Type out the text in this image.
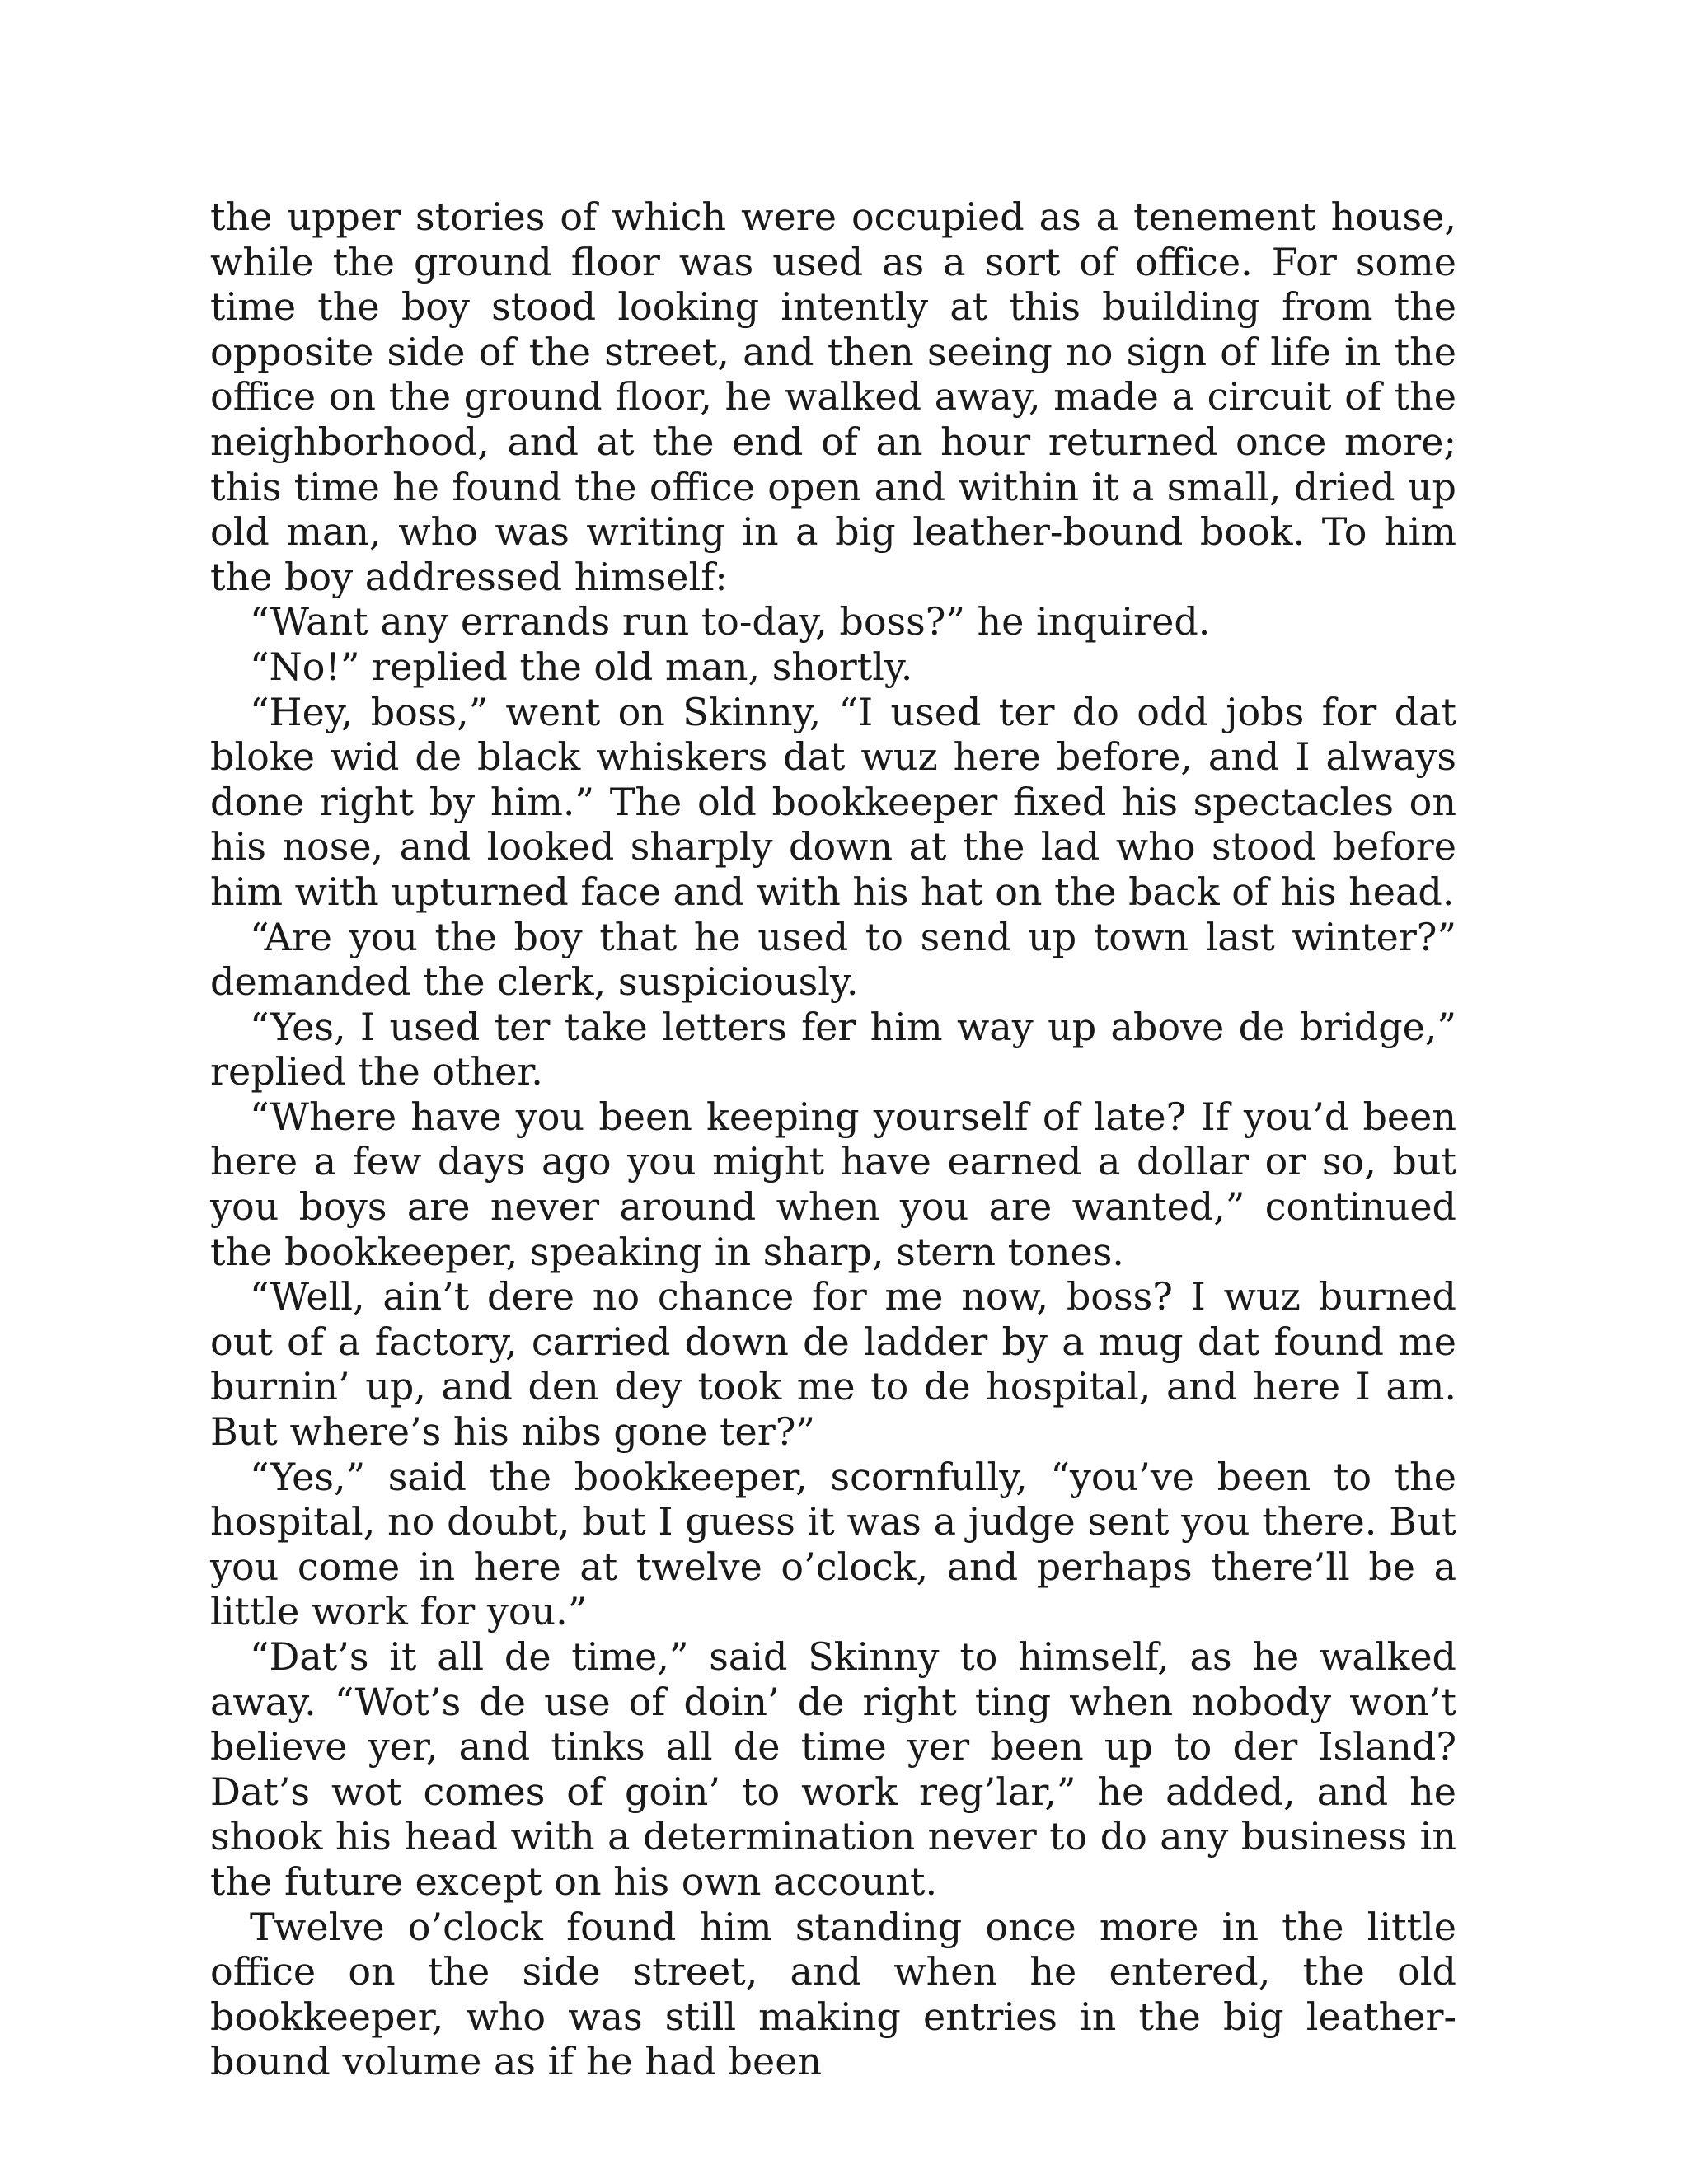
the upper stories of which were occupied as a tenement house, while the ground floor was used as a sort of office. For some time the boy stood looking intently at this building from the opposite side of the street, and then seeing no sign of life in the office on the ground floor, he walked away, made a circuit of the neighborhood, and at the end of an hour returned once more; this time he found the office open and within it a small, dried up old man, who was writing in a big leather-bound book. To him the boy addressed himself:

“Want any errands run to-day, boss?” he inquired.

“No!” replied the old man, shortly.

“Hey, boss,” went on Skinny, “I used ter do odd jobs for dat bloke wid de black whiskers dat wuz here before, and I always done right by him.” The old bookkeeper fixed his spectacles on his nose, and looked sharply down at the lad who stood before him with upturned face and with his hat on the back of his head.

“Are you the boy that he used to send up town last winter?” demanded the clerk, suspiciously.

“Yes, I used ter take letters fer him way up above de bridge,” replied the other.

“Where have you been keeping yourself of late? If you’d been here a few days ago you might have earned a dollar or so, but you boys are never around when you are wanted,” continued the bookkeeper, speaking in sharp, stern tones.

“Well, ain’t dere no chance for me now, boss? I wuz burned out of a factory, carried down de ladder by a mug dat found me burnin’ up, and den dey took me to de hospital, and here I am. But where’s his nibs gone ter?”

“Yes,” said the bookkeeper, scornfully, “you’ve been to the hospital, no doubt, but I guess it was a judge sent you there. But you come in here at twelve o’clock, and perhaps there’ll be a little work for you.”

“Dat’s it all de time,” said Skinny to himself, as he walked away. “Wot’s de use of doin’ de right ting when nobody won’t believe yer, and tinks all de time yer been up to der Island? Dat’s wot comes of goin’ to work reg’lar,” he added, and he shook his head with a determination never to do any business in the future except on his own account.

Twelve o’clock found him standing once more in the little office on the side street, and when he entered, the old bookkeeper, who was still making entries in the big leather-bound volume as if he had been
